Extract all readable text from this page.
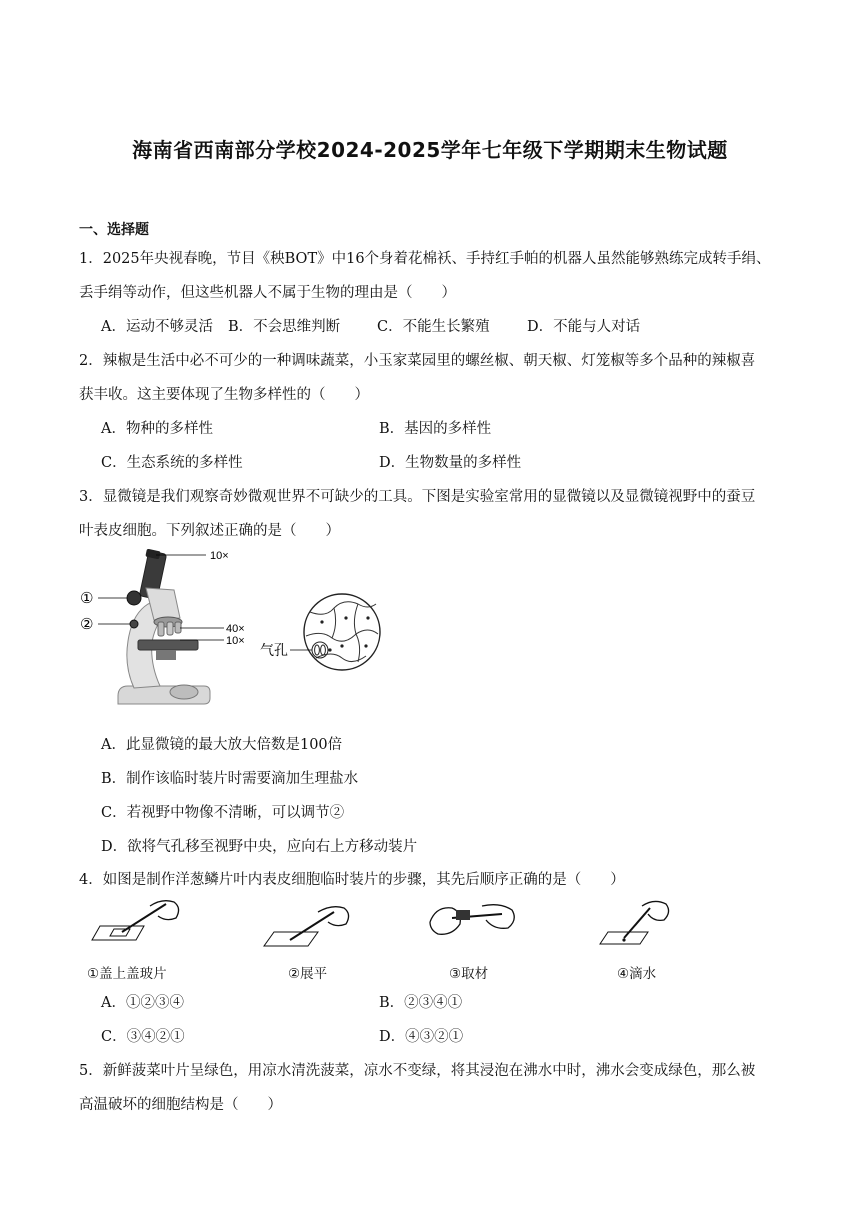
海南省西南部分学校2024-2025学年七年级下学期期末生物试题
一、选择题
1．2025年央视春晚，节目《秧BOT》中16个身着花棉袄、手持红手帕的机器人虽然能够熟练完成转手绢、
丢手绢等动作，但这些机器人不属于生物的理由是（　　）
A．运动不够灵活 B．不会思维判断	C．不能生长繁殖	D．不能与人对话
2．辣椒是生活中必不可少的一种调味蔬菜，小玉家菜园里的螺丝椒、朝天椒、灯笼椒等多个品种的辣椒喜
获丰收。这主要体现了生物多样性的（　　）
A．物种的多样性	B．基因的多样性
C．生态系统的多样性	D．生物数量的多样性
3．显微镜是我们观察奇妙微观世界不可缺少的工具。下图是实验室常用的显微镜以及显微镜视野中的蚕豆
叶表皮细胞。下列叙述正确的是（　　）
10×
40×
10×
①
②
气孔
A．此显微镜的最大放大倍数是100倍
B．制作该临时装片时需要滴加生理盐水
C．若视野中物像不清晰，可以调节②
D．欲将气孔移至视野中央，应向右上方移动装片
4．如图是制作洋葱鳞片叶内表皮细胞临时装片的步骤，其先后顺序正确的是（　　）
①盖上盖玻片	②展平	③取材	④滴水
A．①②③④	B．②③④①
C．③④②①	D．④③②①
5．新鲜菠菜叶片呈绿色，用凉水清洗菠菜，凉水不变绿，将其浸泡在沸水中时，沸水会变成绿色，那么被
高温破坏的细胞结构是（　　）
